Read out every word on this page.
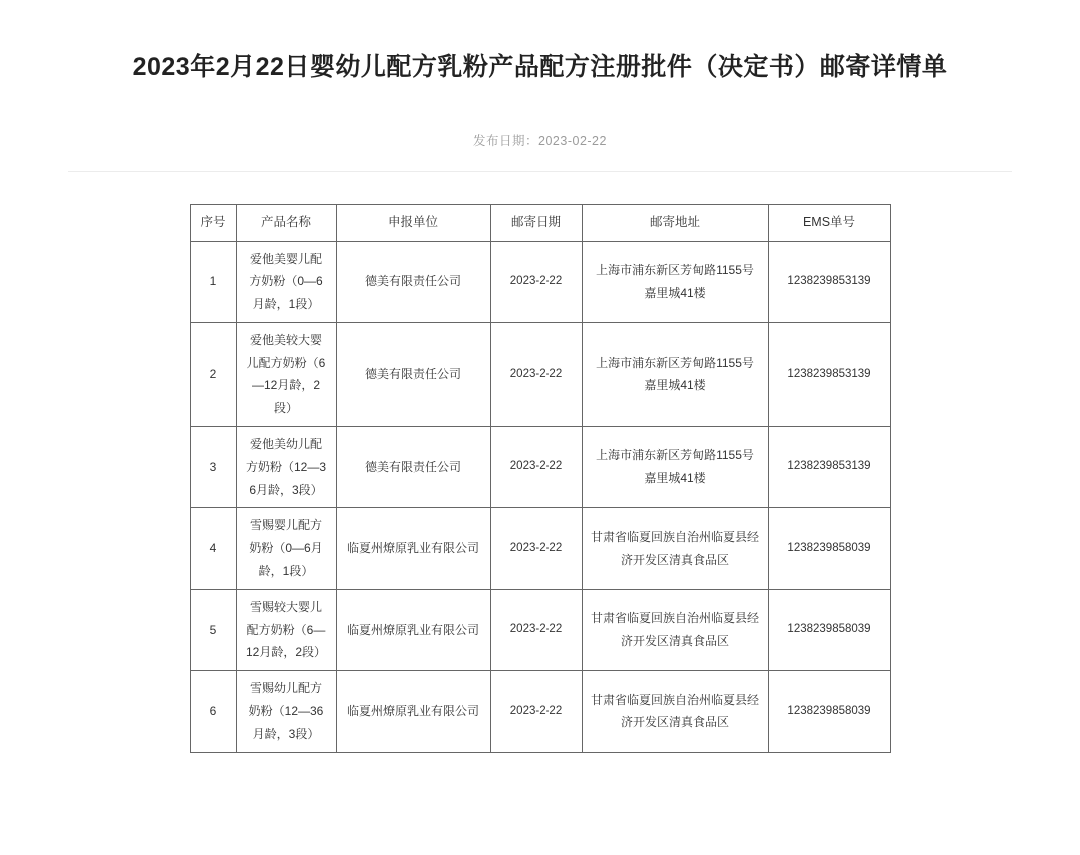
2023年2月22日婴幼儿配方乳粉产品配方注册批件（决定书）邮寄详情单
发布日期：2023-02-22
序号	产品名称	申报单位	邮寄日期	邮寄地址	EMS单号
1	爱他美婴儿配方奶粉（0—6月龄，1段）	德美有限责任公司	2023-2-22	上海市浦东新区芳甸路1155号嘉里城41楼	1238239853139
2	爱他美较大婴儿配方奶粉（6—12月龄，2段）	德美有限责任公司	2023-2-22	上海市浦东新区芳甸路1155号嘉里城41楼	1238239853139
3	爱他美幼儿配方奶粉（12—36月龄，3段）	德美有限责任公司	2023-2-22	上海市浦东新区芳甸路1155号嘉里城41楼	1238239853139
4	雪赐婴儿配方奶粉（0—6月龄，1段）	临夏州燎原乳业有限公司	2023-2-22	甘肃省临夏回族自治州临夏县经济开发区清真食品区	1238239858039
5	雪赐较大婴儿配方奶粉（6—12月龄，2段）	临夏州燎原乳业有限公司	2023-2-22	甘肃省临夏回族自治州临夏县经济开发区清真食品区	1238239858039
6	雪赐幼儿配方奶粉（12—36月龄，3段）	临夏州燎原乳业有限公司	2023-2-22	甘肃省临夏回族自治州临夏县经济开发区清真食品区	1238239858039
